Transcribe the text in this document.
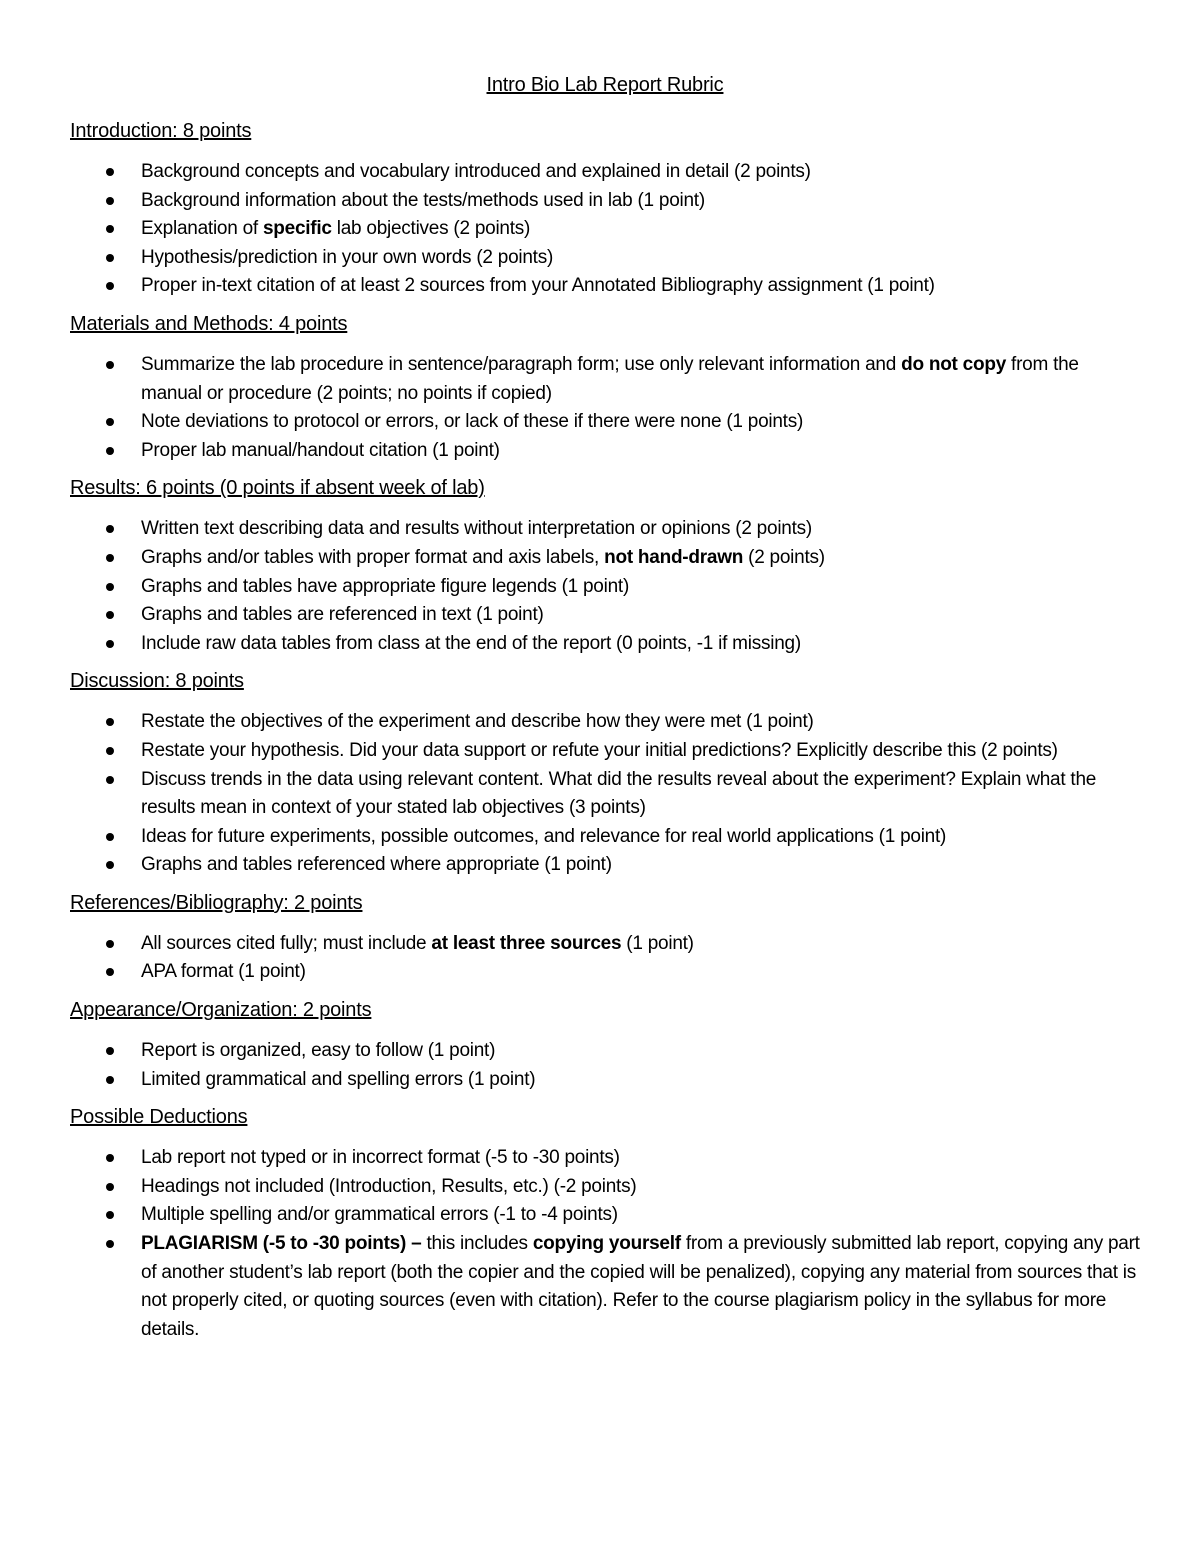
Intro Bio Lab Report Rubric
Introduction: 8 points
Background concepts and vocabulary introduced and explained in detail (2 points)
Background information about the tests/methods used in lab (1 point)
Explanation of specific lab objectives (2 points)
Hypothesis/prediction in your own words (2 points)
Proper in-text citation of at least 2 sources from your Annotated Bibliography assignment (1 point)
Materials and Methods: 4 points
Summarize the lab procedure in sentence/paragraph form; use only relevant information and do not copy from the manual or procedure (2 points; no points if copied)
Note deviations to protocol or errors, or lack of these if there were none (1 points)
Proper lab manual/handout citation (1 point)
Results: 6 points (0 points if absent week of lab)
Written text describing data and results without interpretation or opinions (2 points)
Graphs and/or tables with proper format and axis labels, not hand-drawn (2 points)
Graphs and tables have appropriate figure legends (1 point)
Graphs and tables are referenced in text (1 point)
Include raw data tables from class at the end of the report (0 points, -1 if missing)
Discussion: 8 points
Restate the objectives of the experiment and describe how they were met (1 point)
Restate your hypothesis. Did your data support or refute your initial predictions? Explicitly describe this (2 points)
Discuss trends in the data using relevant content. What did the results reveal about the experiment? Explain what the results mean in context of your stated lab objectives (3 points)
Ideas for future experiments, possible outcomes, and relevance for real world applications (1 point)
Graphs and tables referenced where appropriate (1 point)
References/Bibliography: 2 points
All sources cited fully; must include at least three sources (1 point)
APA format (1 point)
Appearance/Organization: 2 points
Report is organized, easy to follow (1 point)
Limited grammatical and spelling errors (1 point)
Possible Deductions
Lab report not typed or in incorrect format (-5 to -30 points)
Headings not included (Introduction, Results, etc.) (-2 points)
Multiple spelling and/or grammatical errors (-1 to -4 points)
PLAGIARISM (-5 to -30 points) – this includes copying yourself from a previously submitted lab report, copying any part of another student’s lab report (both the copier and the copied will be penalized), copying any material from sources that is not properly cited, or quoting sources (even with citation). Refer to the course plagiarism policy in the syllabus for more details.
